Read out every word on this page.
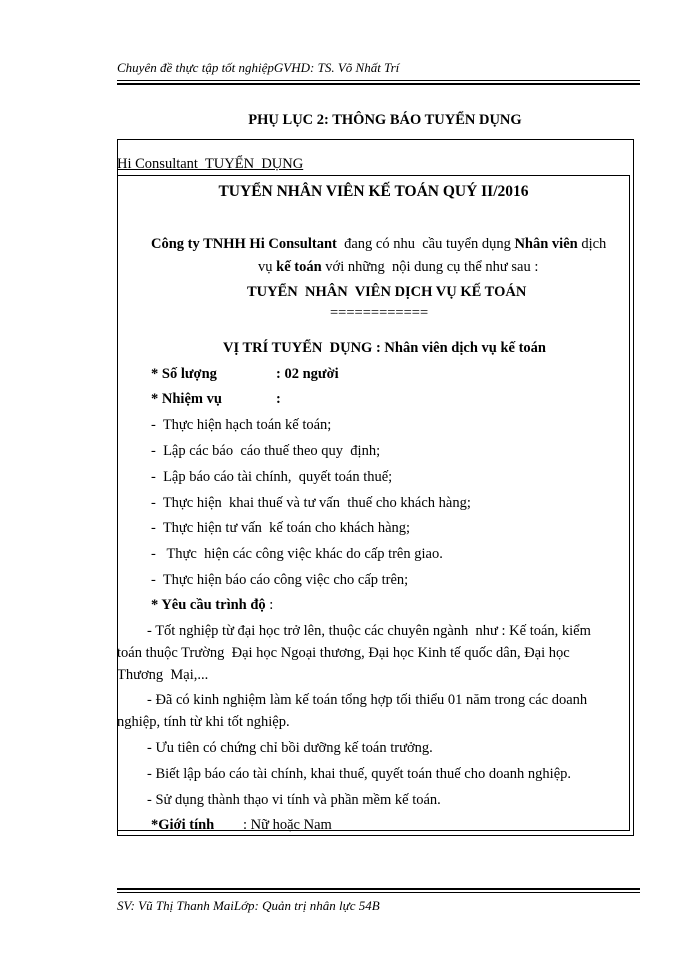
Chuyên đề thực tập tốt nghiệpGVHD: TS. Võ Nhất Trí
PHỤ LỤC 2: THÔNG BÁO TUYỂN DỤNG
Hi Consultant  TUYỂN  DỤNG
TUYỂN NHÂN VIÊN KẾ TOÁN QUÝ II/2016
Công ty TNHH Hi Consultant  đang có nhu  cầu tuyển dụng Nhân viên dịch
vụ kế toán với những  nội dung cụ thể như sau :
TUYỂN  NHÂN  VIÊN DỊCH VỤ KẾ TOÁN
============
VỊ TRÍ TUYỂN  DỤNG : Nhân viên dịch vụ kế toán
* Số lượng	: 02 người
* Nhiệm vụ	:
-  Thực hiện hạch toán kế toán;
-  Lập các báo  cáo thuế theo quy  định;
-  Lập báo cáo tài chính,  quyết toán thuế;
-  Thực hiện  khai thuế và tư vấn  thuế cho khách hàng;
-  Thực hiện tư vấn  kế toán cho khách hàng;
-   Thực  hiện các công việc khác do cấp trên giao.
-  Thực hiện báo cáo công việc cho cấp trên;
* Yêu cầu trình độ :
- Tốt nghiệp từ đại học trở lên, thuộc các chuyên ngành  như : Kế toán, kiểm
toán thuộc Trường  Đại học Ngoại thương, Đại học Kinh tế quốc dân, Đại học
Thương  Mại,...
- Đã có kinh nghiệm làm kế toán tổng hợp tối thiểu 01 năm trong các doanh
nghiệp, tính từ khi tốt nghiệp.
- Ưu tiên có chứng chỉ bồi dưỡng kế toán trưởng.
- Biết lập báo cáo tài chính, khai thuế, quyết toán thuế cho doanh nghiệp.
- Sử dụng thành thạo vi tính và phần mềm kế toán.
*Giới tính : Nữ hoặc Nam
SV: Vũ Thị Thanh MaiLớp: Quản trị nhân lực 54B
